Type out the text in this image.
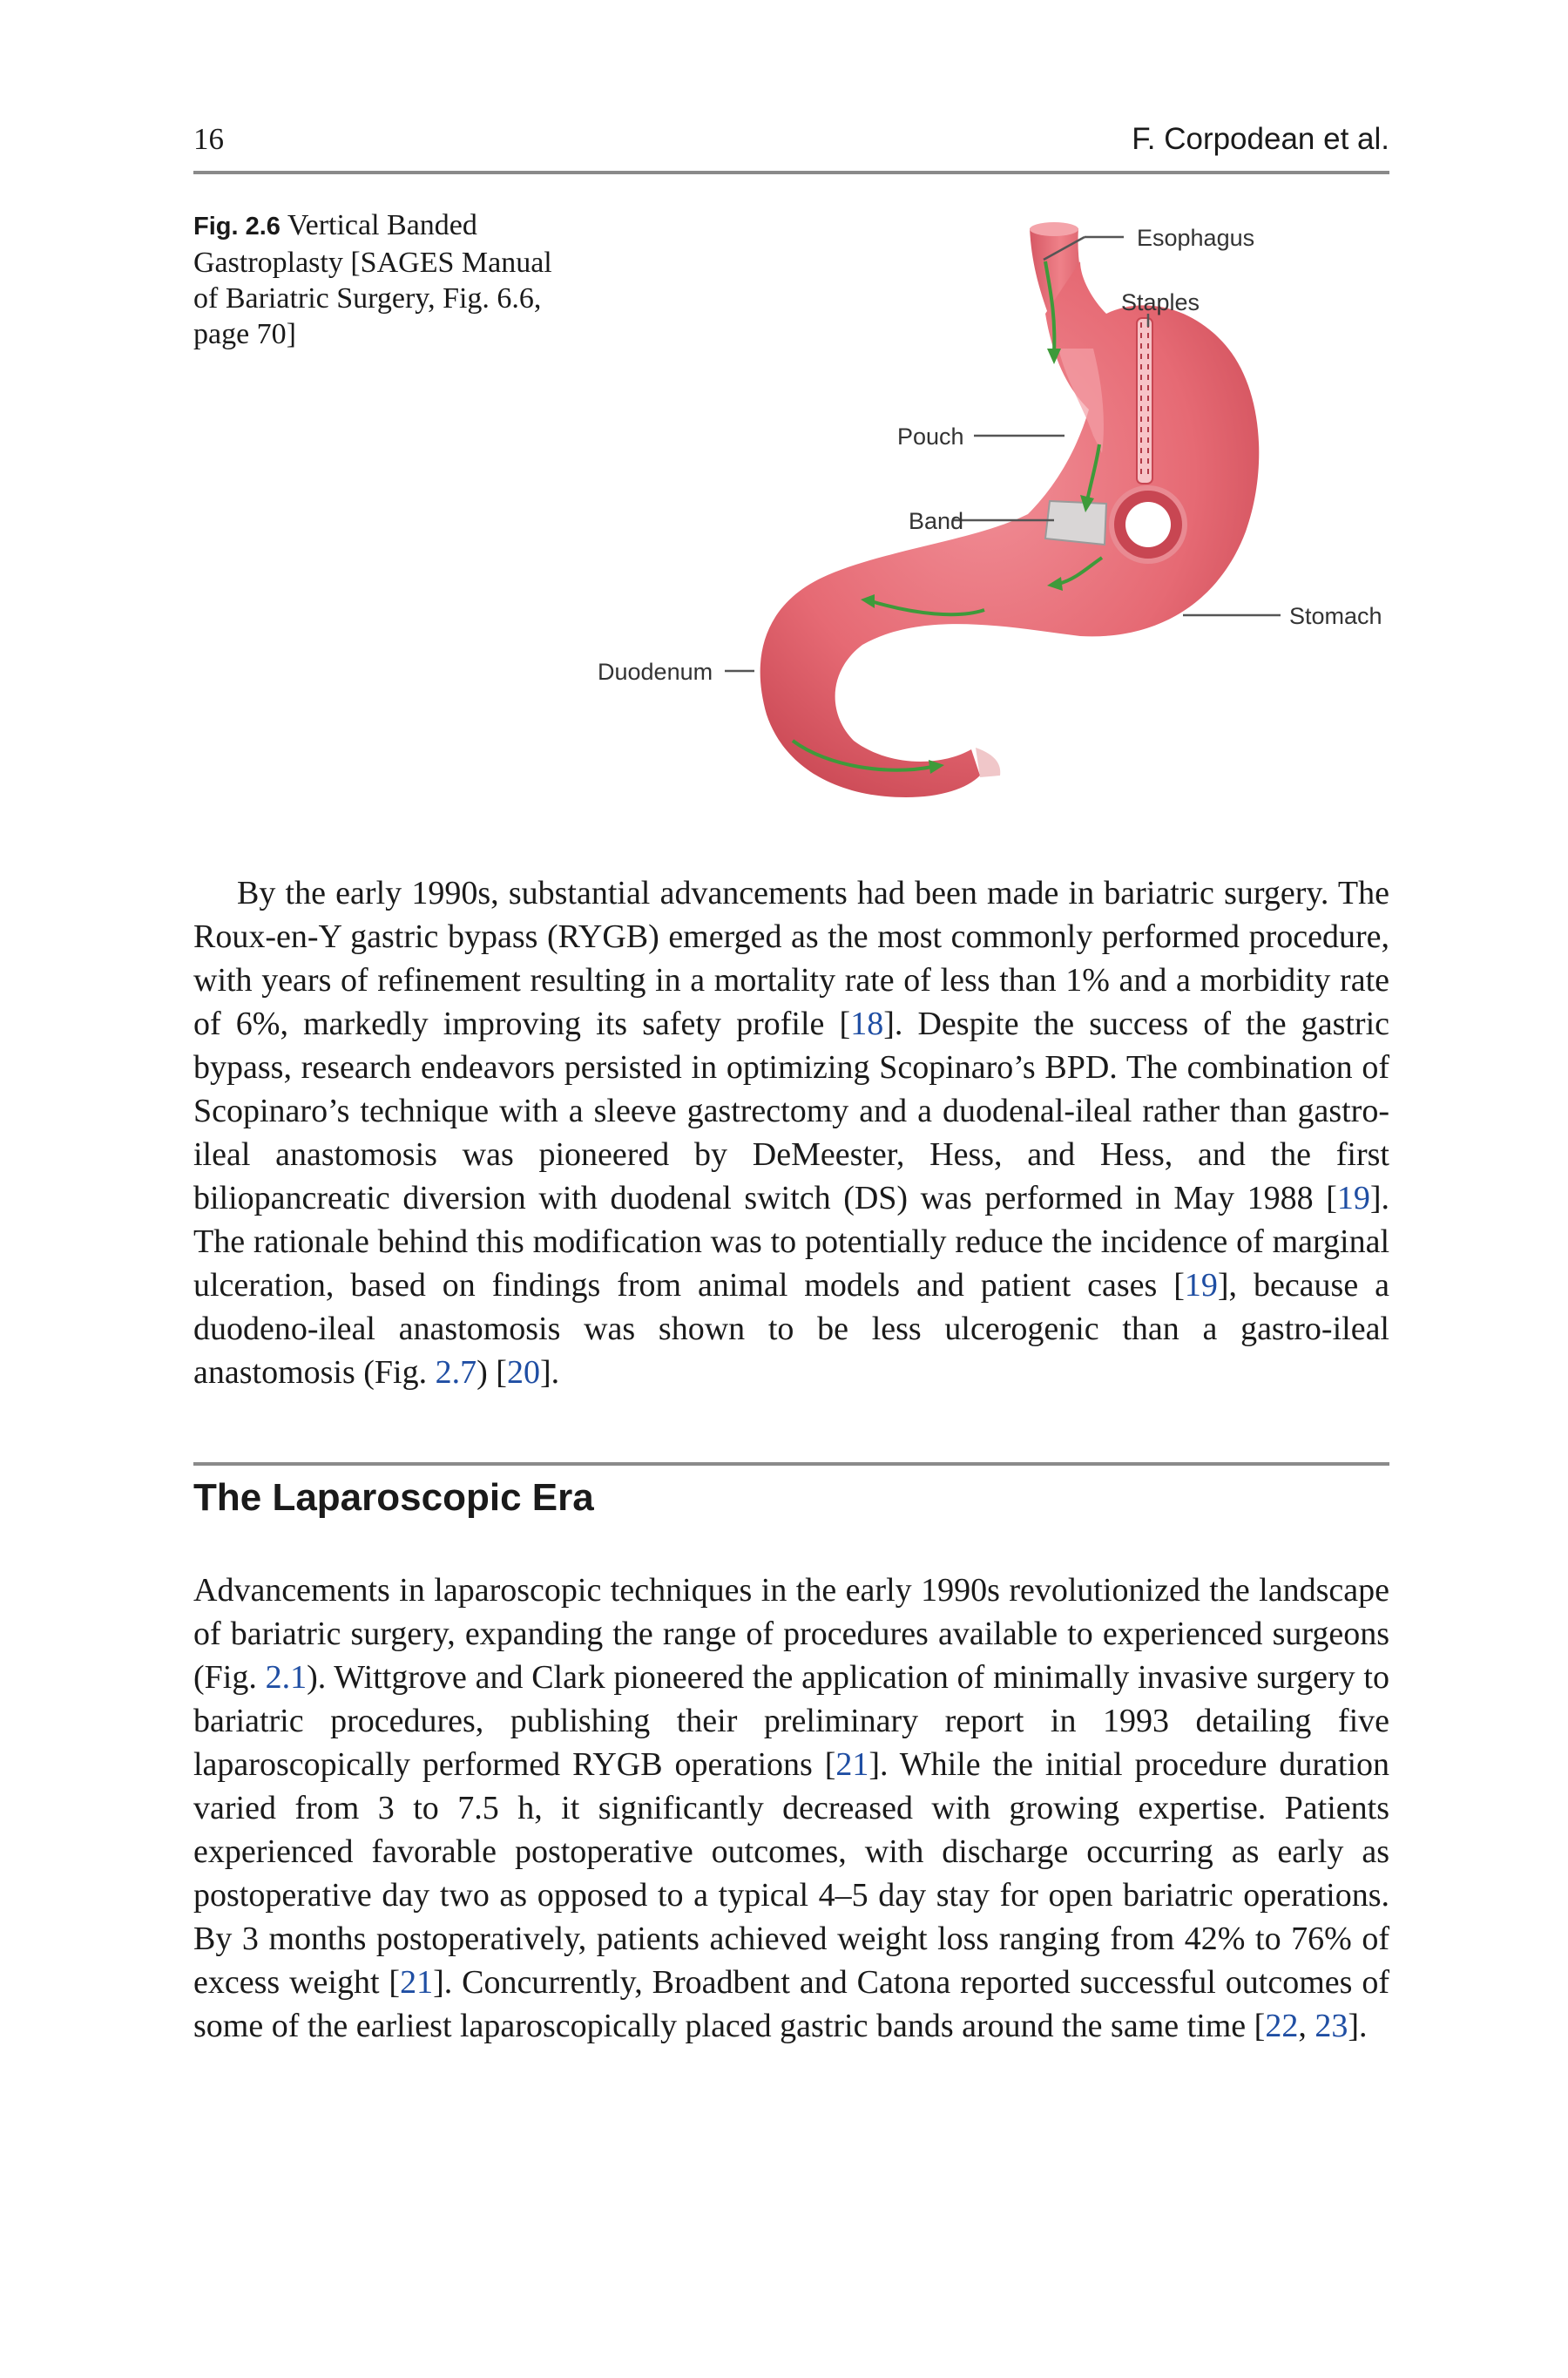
16	F. Corpodean et al.
Fig. 2.6 Vertical Banded Gastroplasty [SAGES Manual of Bariatric Surgery, Fig. 6.6, page 70]
Esophagus
Staples
Pouch
Band
Stomach
Duodenum

By the early 1990s, substantial advancements had been made in bariatric surgery. The Roux-en-Y gastric bypass (RYGB) emerged as the most commonly performed procedure, with years of refinement resulting in a mortality rate of less than 1% and a morbidity rate of 6%, markedly improving its safety profile [18]. Despite the success of the gastric bypass, research endeavors persisted in optimizing Scopinaro’s BPD. The combination of Scopinaro’s technique with a sleeve gastrectomy and a duodenal-ileal rather than gastro-ileal anastomosis was pioneered by DeMeester, Hess, and Hess, and the first biliopancreatic diversion with duodenal switch (DS) was performed in May 1988 [19]. The rationale behind this modification was to potentially reduce the incidence of marginal ulceration, based on findings from animal models and patient cases [19], because a duodeno-ileal anastomosis was shown to be less ulcerogenic than a gastro-ileal anastomosis (Fig. 2.7) [20].

The Laparoscopic Era

Advancements in laparoscopic techniques in the early 1990s revolutionized the landscape of bariatric surgery, expanding the range of procedures available to experienced surgeons (Fig. 2.1). Wittgrove and Clark pioneered the application of minimally invasive surgery to bariatric procedures, publishing their preliminary report in 1993 detailing five laparoscopically performed RYGB operations [21]. While the initial procedure duration varied from 3 to 7.5 h, it significantly decreased with growing expertise. Patients experienced favorable postoperative outcomes, with discharge occurring as early as postoperative day two as opposed to a typical 4–5 day stay for open bariatric operations. By 3 months postoperatively, patients achieved weight loss ranging from 42% to 76% of excess weight [21]. Concurrently, Broadbent and Catona reported successful outcomes of some of the earliest laparoscopically placed gastric bands around the same time [22, 23].
